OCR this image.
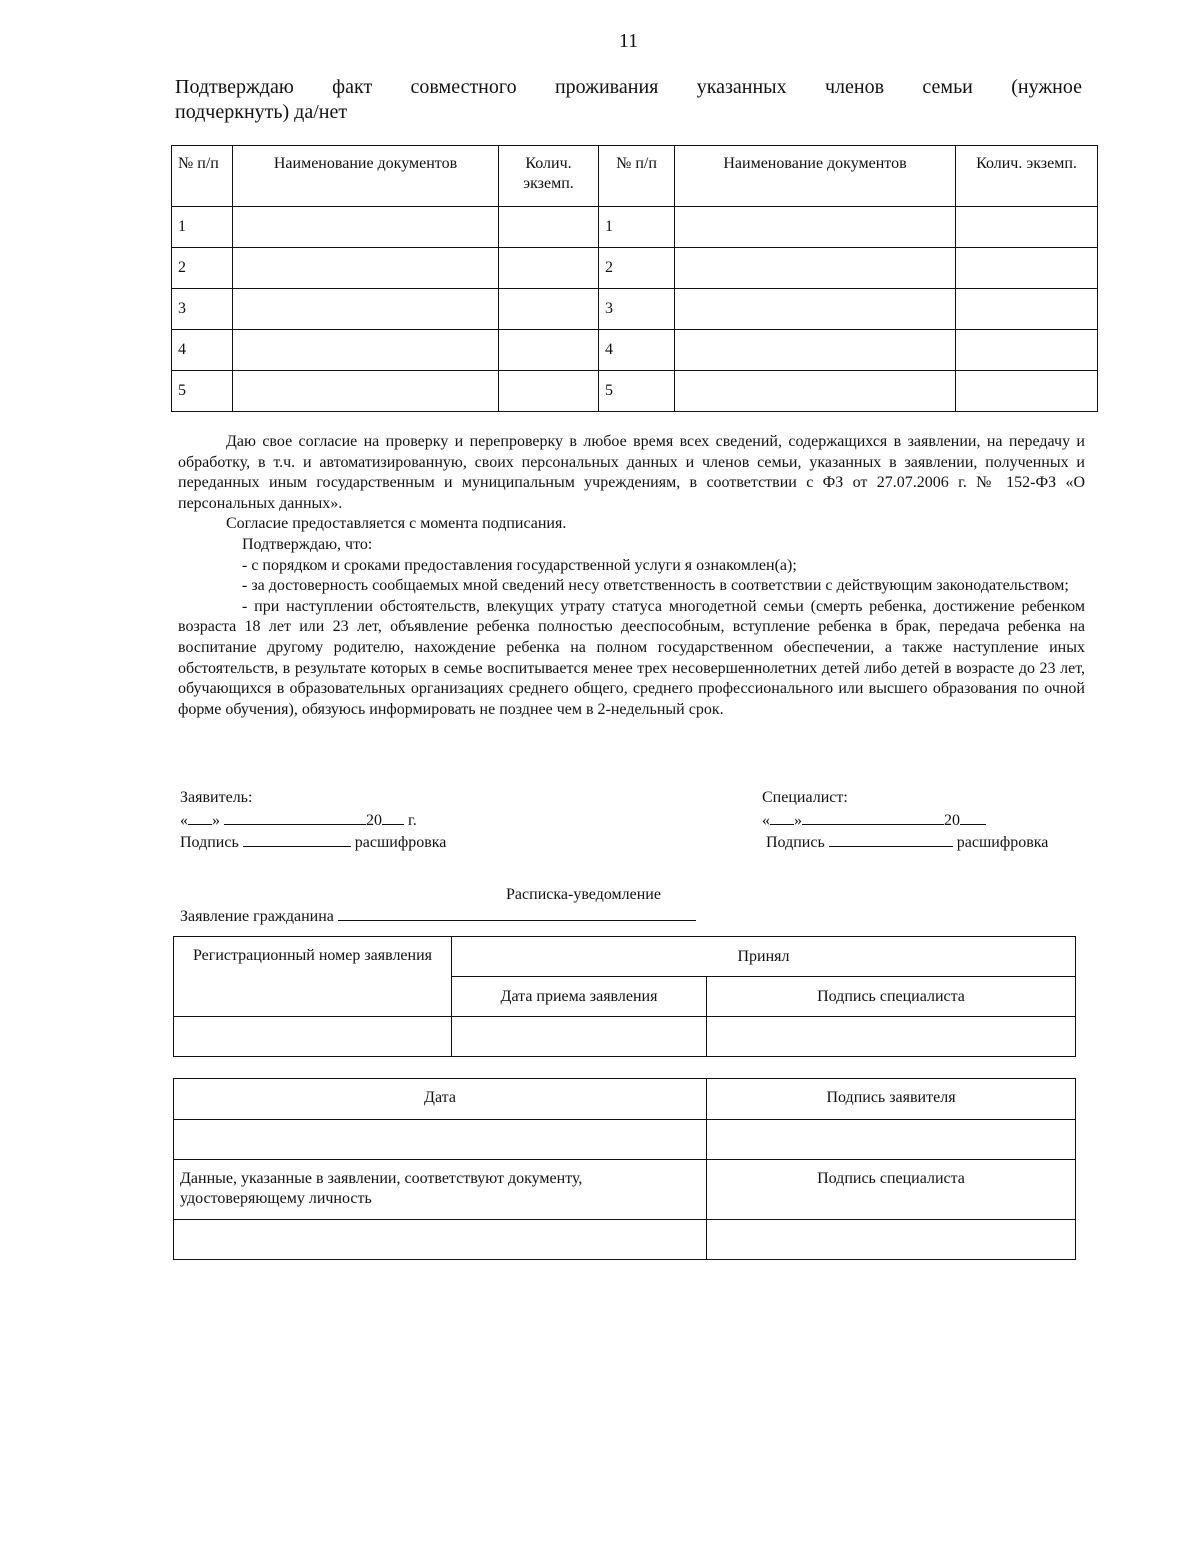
11
Подтверждаю факт совместного проживания указанных членов семьи (нужное
подчеркнуть) да/нет
№ п/п	Наименование документов	Колич. экземп.	№ п/п	Наименование документов	Колич. экземп.
1			1		
2			2		
3			3		
4			4		
5			5		

Даю свое согласие на проверку и перепроверку в любое время всех сведений, содержащихся в заявлении, на передачу и обработку, в т.ч. и автоматизированную, своих персональных данных и членов семьи, указанных в заявлении, полученных и переданных иным государственным и муниципальным учреждениям, в соответствии с ФЗ от 27.07.2006 г. № 152-ФЗ «О персональных данных».

Согласие предоставляется с момента подписания.

Подтверждаю, что:

- с порядком и сроками предоставления государственной услуги я ознакомлен(а);

- за достоверность сообщаемых мной сведений несу ответственность в соответствии с действующим законодательством;

- при наступлении обстоятельств, влекущих утрату статуса многодетной семьи (смерть ребенка, достижение ребенком возраста 18 лет или 23 лет, объявление ребенка полностью дееспособным, вступление ребенка в брак, передача ребенка на воспитание другому родителю, нахождение ребенка на полном государственном обеспечении, а также наступление иных обстоятельств, в результате которых в семье воспитывается менее трех несовершеннолетних детей либо детей в возрасте до 23 лет, обучающихся в образовательных организациях среднего общего, среднего профессионального или высшего образования по очной форме обучения), обязуюсь информировать не позднее чем в 2-недельный срок.

Заявитель:
« »	20 г.
Подпись	расшифровка
Специалист:
« »	20
Подпись	расшифровка
Расписка-уведомление
Заявление гражданина
Регистрационный номер заявления	Принял	
	Дата приема заявления	Подпись специалиста

Дата	Подпись заявителя

Данные, указанные в заявлении, соответствуют документу, удостоверяющему личность	Подпись специалиста
